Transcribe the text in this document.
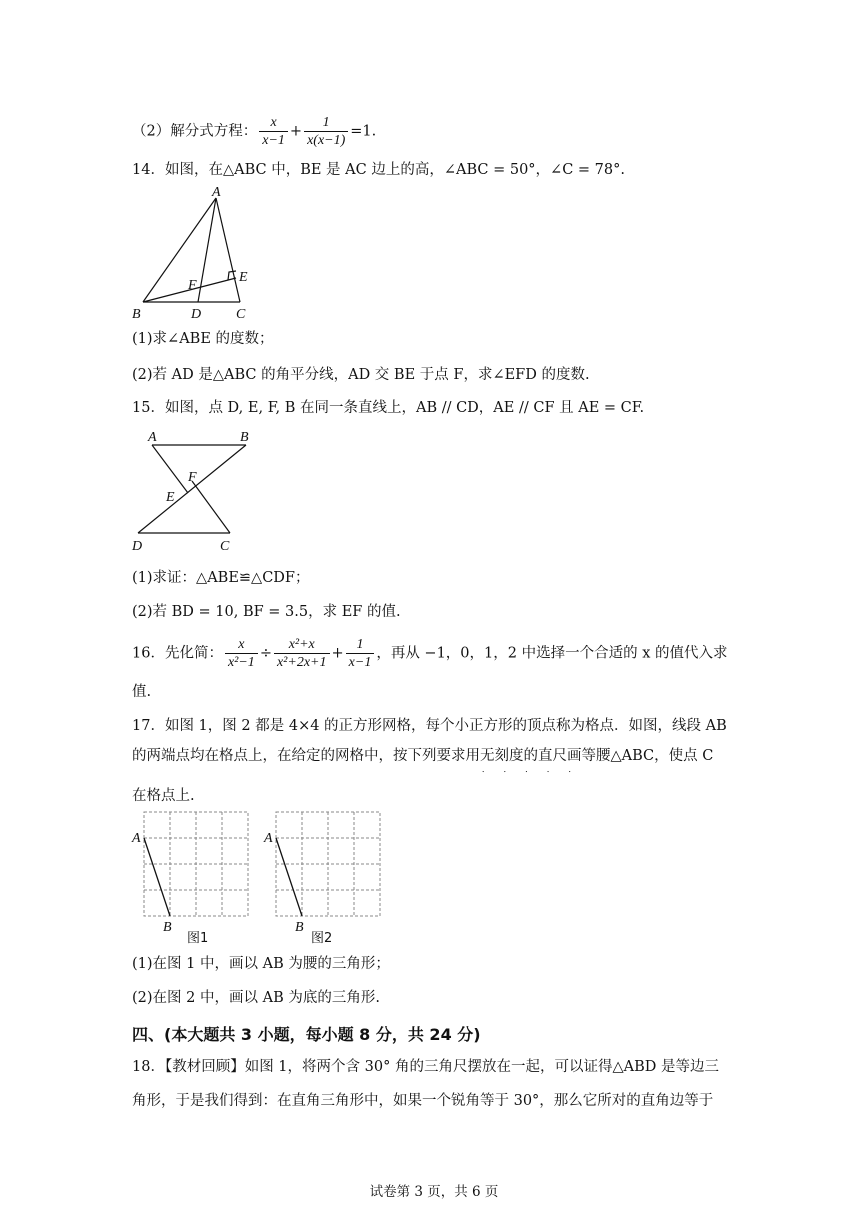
（2）解分式方程： $\frac{x}{x-1} + \frac{1}{x(x-1)} =1$.
14．如图，在△ABC 中，BE 是 AC 边上的高，∠ABC = 50°，∠C = 78°.
A
B	C
D
E
F
(1)求∠ABE 的度数；
(2)若 AD 是△ABC 的角平分线，AD 交 BE 于点 F，求∠EFD 的度数.
15．如图，点 D, E, F, B 在同一条直线上，AB // CD，AE // CF 且 AE = CF.
A	B
C
D
E
F
(1)求证：△ABE≌△CDF；
(2)若 BD = 10, BF = 3.5，求 EF 的值.
16．先化简： $\frac{x}{\text{x²−1}} \div \frac{\text{x²+x}}{\text{x²+2x+1}} + \frac{1}{x-1}$ ，再从 −1，0，1，2 中选择一个合适的 x 的值代入求
值.
17．如图 1，图 2 都是 4×4 的正方形网格，每个小正方形的顶点称为格点．如图，线段 AB
的两端点均在格点上，在给定的网格中，按下列要求用无刻度的直尺 • • •画等腰△ABC，使点 C
在格点上.
A
B
图1
A
B
图2
(1)在图 1 中，画以 AB 为腰的三角形；
(2)在图 2 中，画以 AB 为底的三角形.
四、(本大题共 3 小题，每小题 8 分，共 24 分)
18．【教材回顾】如图 1，将两个含 30° 角的三角尺摆放在一起，可以证得△ABD 是等边三
角形，于是我们得到：在直角三角形中，如果一个锐角等于 30°，那么它所对的直角边等于
试卷第 3 页，共 6 页
